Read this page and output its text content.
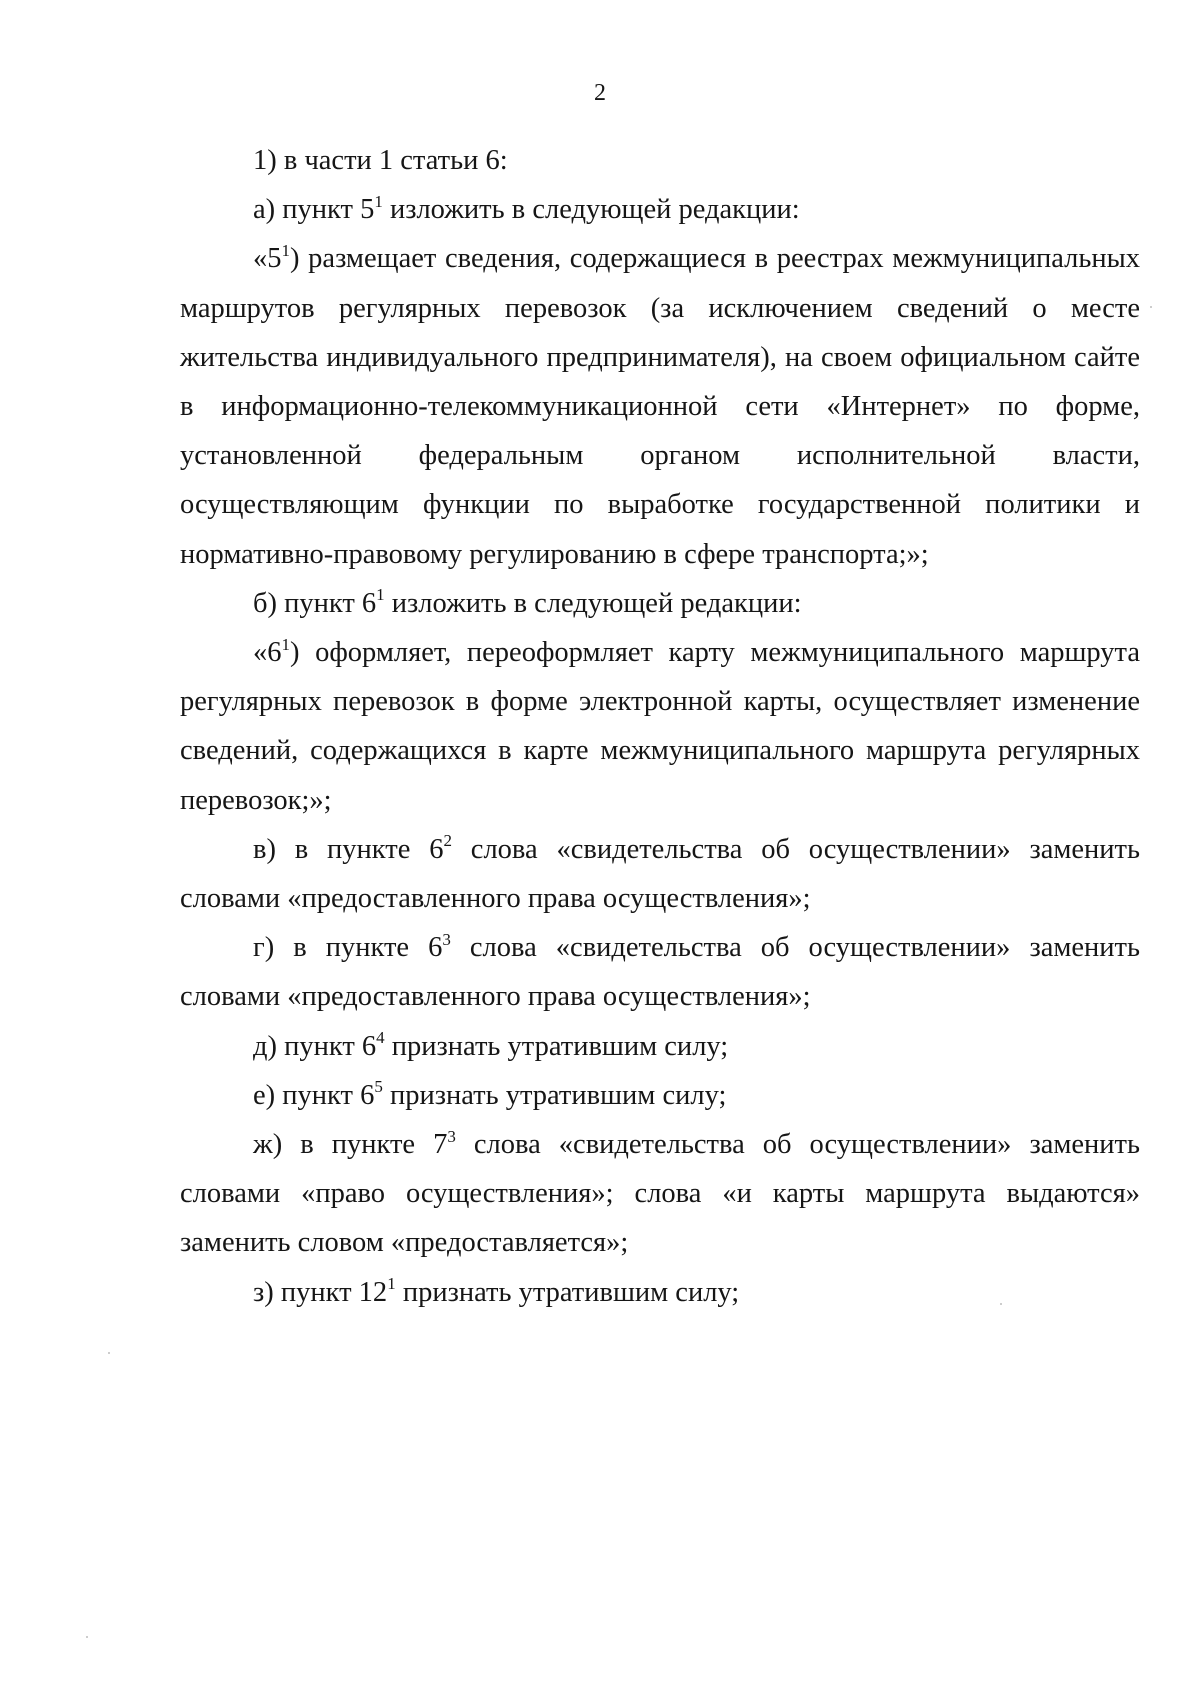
2

1) в части 1 статьи 6:

а) пункт $5^1$ изложить в следующей редакции:

«$5^1$) размещает сведения, содержащиеся в реестрах межмуниципальных маршрутов регулярных перевозок (за исключением сведений о месте жительства индивидуального предпринимателя), на своем официальном сайте в информационно-телекоммуникационной сети «Интернет» по форме, установленной федеральным органом исполнительной власти, осуществляющим функции по выработке государственной политики и нормативно-правовому регулированию в сфере транспорта;»;

б) пункт $6^1$ изложить в следующей редакции:

«$6^1$) оформляет, переоформляет карту межмуниципального маршрута регулярных перевозок в форме электронной карты, осуществляет изменение сведений, содержащихся в карте межмуниципального маршрута регулярных перевозок;»;

в) в пункте $6^2$ слова «свидетельства об осуществлении» заменить словами «предоставленного права осуществления»;

г) в пункте $6^3$ слова «свидетельства об осуществлении» заменить словами «предоставленного права осуществления»;

д) пункт $6^4$ признать утратившим силу;

е) пункт $6^5$ признать утратившим силу;

ж) в пункте $7^3$ слова «свидетельства об осуществлении» заменить словами «право осуществления»; слова «и карты маршрута выдаются» заменить словом «предоставляется»;

з) пункт $12^1$ признать утратившим силу;
